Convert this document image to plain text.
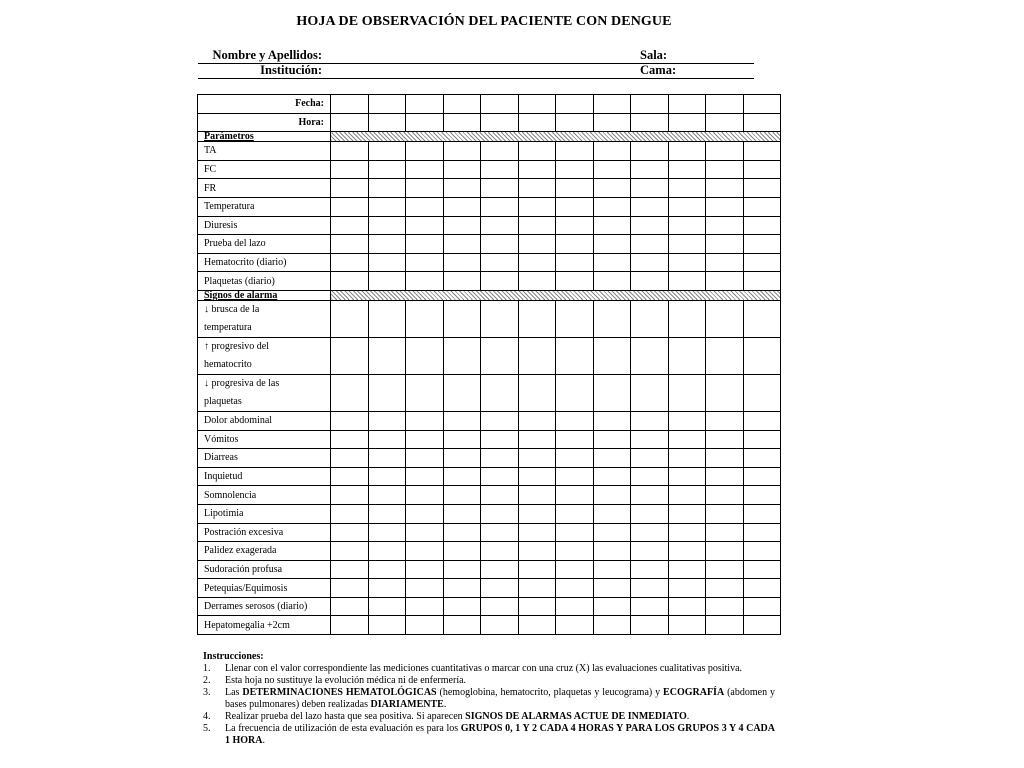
HOJA DE OBSERVACIÓN DEL PACIENTE CON DENGUE
Nombre y Apellidos:	Sala:
Institución:	Cama:
Fecha:												
Hora:												
Parámetros												
TA												
FC												
FR												
Temperatura												
Diuresis												
Prueba del lazo												
Hematocrito (diario)												
Plaquetas (diario)												
Signos de alarma												

↓ brusca de la
temperatura												

↑ progresivo del
hematocrito												

↓ progresiva de las
plaquetas												

Dolor abdominal												
Vómitos												
Diarreas												
Inquietud												
Somnolencia												
Lipotimia												
Postración excesiva												
Palidez exagerada												
Sudoración profusa												
Petequias/Equimosis												
Derrames serosos (diario)												
Hepatomegalia +2cm												
Instrucciones:
1. Llenar con el valor correspondiente las mediciones cuantitativas o marcar con una cruz (X) las evaluaciones cualitativas positiva.
2. Esta hoja no sustituye la evolución médica ni de enfermería.
3. Las DETERMINACIONES HEMATOLÓGICAS (hemoglobina, hematocrito, plaquetas y leucograma) y ECOGRAFÍA (abdomen y bases pulmonares) deben realizadas DIARIAMENTE.
4. Realizar prueba del lazo hasta que sea positiva. Si aparecen SIGNOS DE ALARMAS ACTUE DE INMEDIATO.
5. La frecuencia de utilización de esta evaluación es para los GRUPOS 0, 1 Y 2 CADA 4 HORAS Y PARA LOS GRUPOS 3 Y 4 CADA 1 HORA.
